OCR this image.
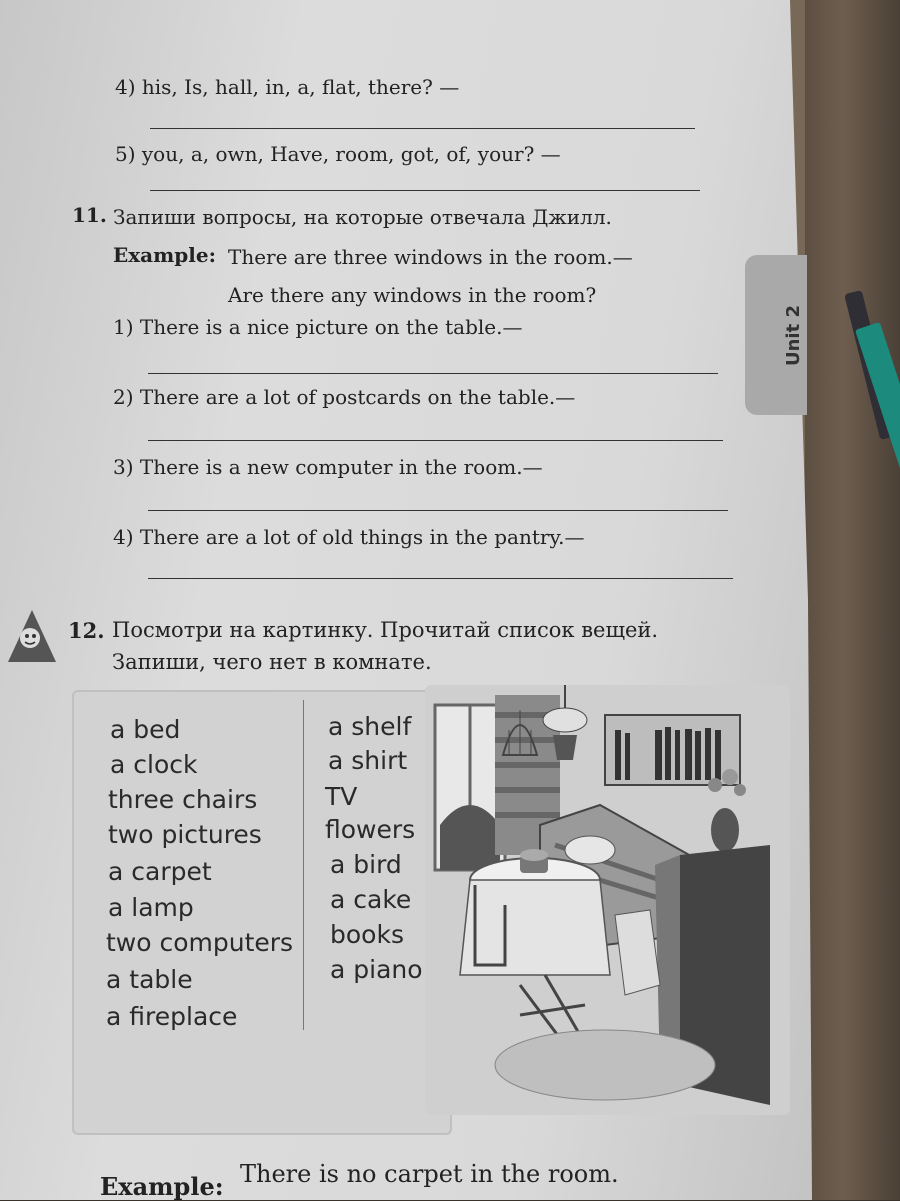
4) his, Is, hall, in, a, flat, there? —
5) you, a, own, Have, room, got, of, your? —
11. Запиши вопросы, на которые отвечала Джилл.
Example: There are three windows in the room.—
Are there any windows in the room?
1) There is a nice picture on the table.—
2) There are a lot of postcards on the table.—
3) There is a new computer in the room.—
4) There are a lot of old things in the pantry.—
Unit 2
12. Посмотри на картинку. Прочитай список вещей.
Запиши, чего нет в комнате.
a bed
a clock
three chairs
two pictures
a carpet
a lamp
two computers
a table
a fireplace
a shelf
a shirt
TV
flowers
a bird
a cake
books
a piano
Example: There is no carpet in the room.
